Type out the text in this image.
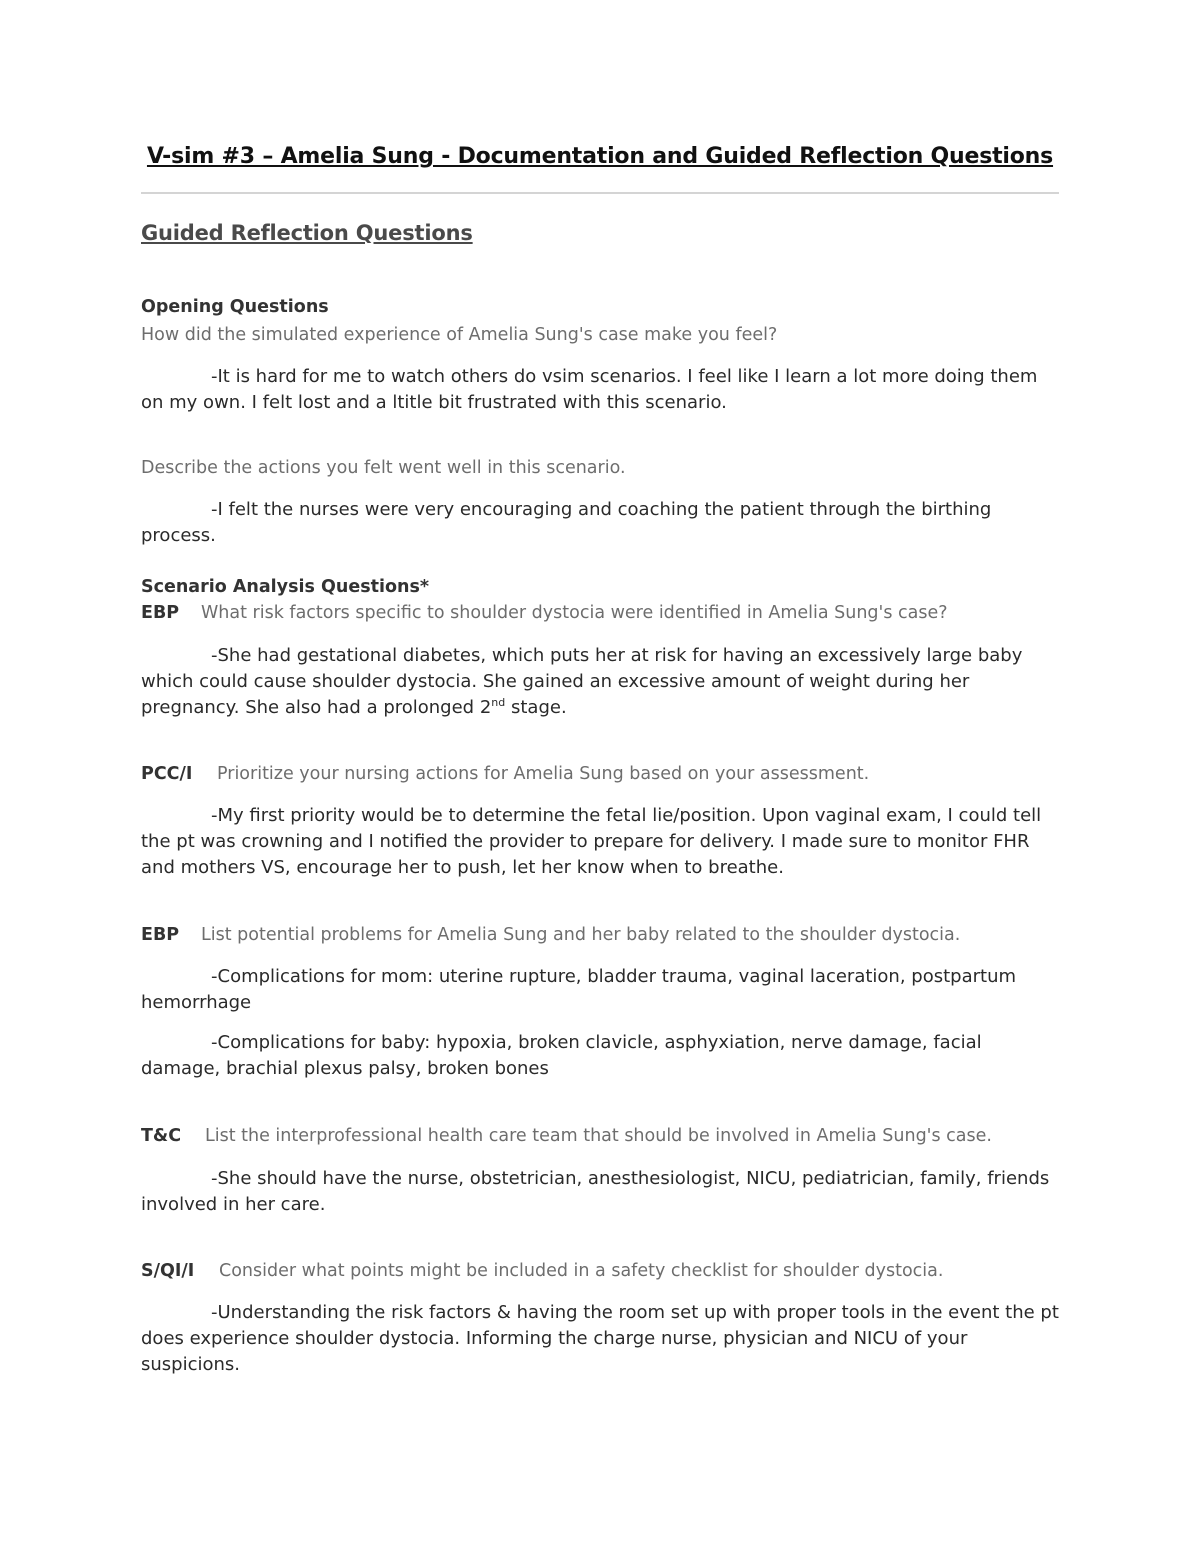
V-sim #3 – Amelia Sung - Documentation and Guided Reflection Questions
Guided Reflection Questions
Opening Questions
How did the simulated experience of Amelia Sung's case make you feel?
-It is hard for me to watch others do vsim scenarios. I feel like I learn a lot more doing them on my own. I felt lost and a ltitle bit frustrated with this scenario.
Describe the actions you felt went well in this scenario.
-I felt the nurses were very encouraging and coaching the patient through the birthing process.
Scenario Analysis Questions*
EBP What risk factors specific to shoulder dystocia were identified in Amelia Sung's case?
-She had gestational diabetes, which puts her at risk for having an excessively large baby which could cause shoulder dystocia. She gained an excessive amount of weight during her pregnancy. She also had a prolonged 2nd stage.
PCC/I Prioritize your nursing actions for Amelia Sung based on your assessment.
-My first priority would be to determine the fetal lie/position. Upon vaginal exam, I could tell the pt was crowning and I notified the provider to prepare for delivery. I made sure to monitor FHR and mothers VS, encourage her to push, let her know when to breathe.
EBP List potential problems for Amelia Sung and her baby related to the shoulder dystocia.
-Complications for mom: uterine rupture, bladder trauma, vaginal laceration, postpartum hemorrhage
-Complications for baby: hypoxia, broken clavicle, asphyxiation, nerve damage, facial damage, brachial plexus palsy, broken bones
T&C List the interprofessional health care team that should be involved in Amelia Sung's case.
-She should have the nurse, obstetrician, anesthesiologist, NICU, pediatrician, family, friends involved in her care.
S/QI/I Consider what points might be included in a safety checklist for shoulder dystocia.
-Understanding the risk factors & having the room set up with proper tools in the event the pt does experience shoulder dystocia. Informing the charge nurse, physician and NICU of your suspicions.
